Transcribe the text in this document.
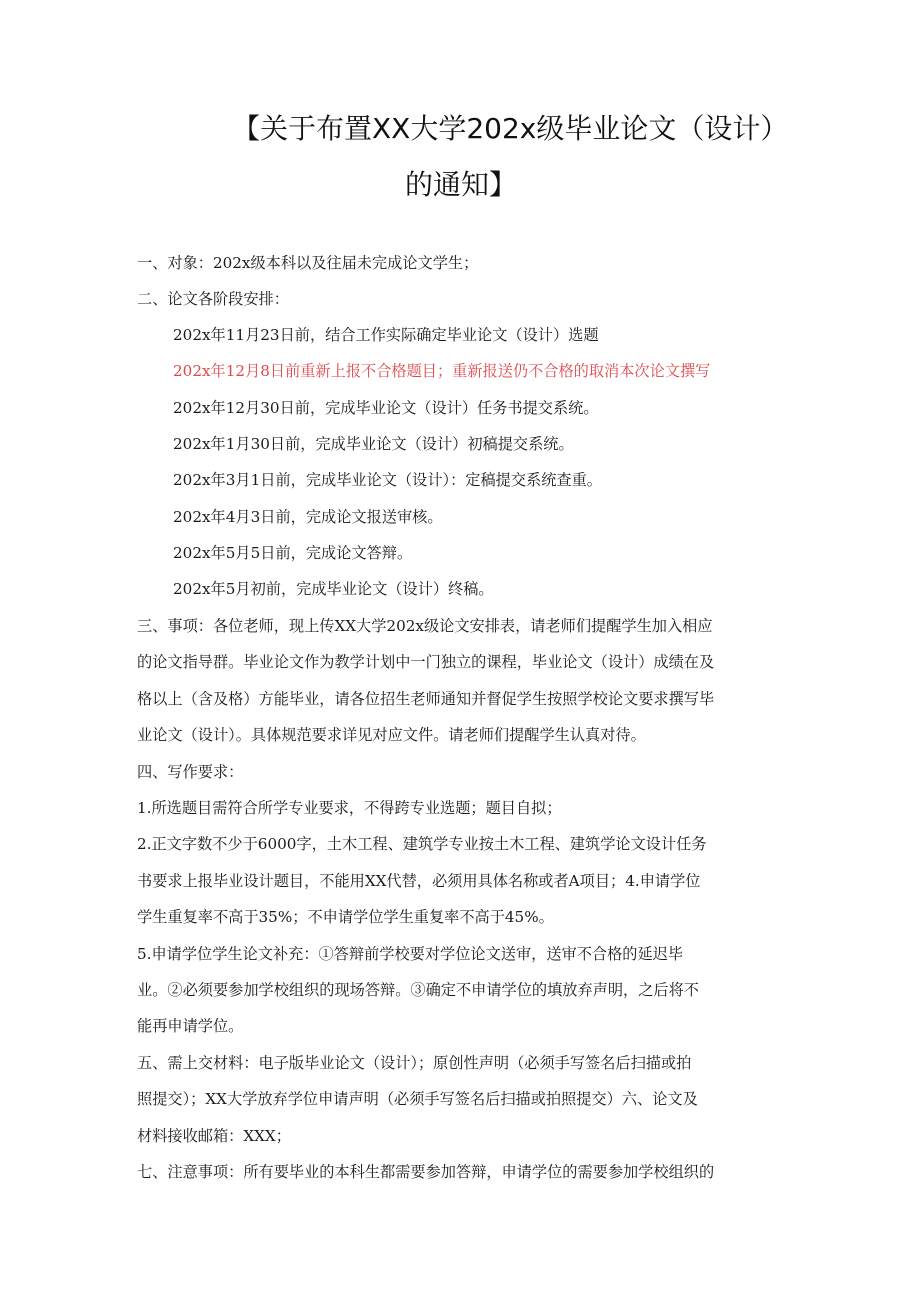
【关于布置XX大学202x级毕业论文（设计）
的通知】
一、对象：202x级本科以及往届未完成论文学生；
二、论文各阶段安排：
202x年11月23日前，结合工作实际确定毕业论文（设计）选题
202x年12月8日前重新上报不合格题目；重新报送仍不合格的取消本次论文撰写
202x年12月30日前，完成毕业论文（设计）任务书提交系统。
202x年1月30日前，完成毕业论文（设计）初稿提交系统。
202x年3月1日前，完成毕业论文（设计）：定稿提交系统查重。
202x年4月3日前，完成论文报送审核。
202x年5月5日前，完成论文答辩。
202x年5月初前，完成毕业论文（设计）终稿。
三、事项：各位老师，现上传XX大学202x级论文安排表，请老师们提醒学生加入相应
的论文指导群。毕业论文作为教学计划中一门独立的课程，毕业论文（设计）成绩在及
格以上（含及格）方能毕业，请各位招生老师通知并督促学生按照学校论文要求撰写毕
业论文（设计）。具体规范要求详见对应文件。请老师们提醒学生认真对待。
四、写作要求：
1.所选题目需符合所学专业要求，不得跨专业选题；题目自拟；
2.正文字数不少于6000字，土木工程、建筑学专业按土木工程、建筑学论文设计任务
书要求上报毕业设计题目，不能用XX代替，必须用具体名称或者A项目；4.申请学位
学生重复率不高于35%；不申请学位学生重复率不高于45%。
5.申请学位学生论文补充：①答辩前学校要对学位论文送审，送审不合格的延迟毕
业。②必须要参加学校组织的现场答辩。③确定不申请学位的填放弃声明，之后将不
能再申请学位。
五、需上交材料：电子版毕业论文（设计）；原创性声明（必须手写签名后扫描或拍
照提交）；XX大学放弃学位申请声明（必须手写签名后扫描或拍照提交）六、论文及
材料接收邮箱：XXX；
七、注意事项：所有要毕业的本科生都需要参加答辩，申请学位的需要参加学校组织的
